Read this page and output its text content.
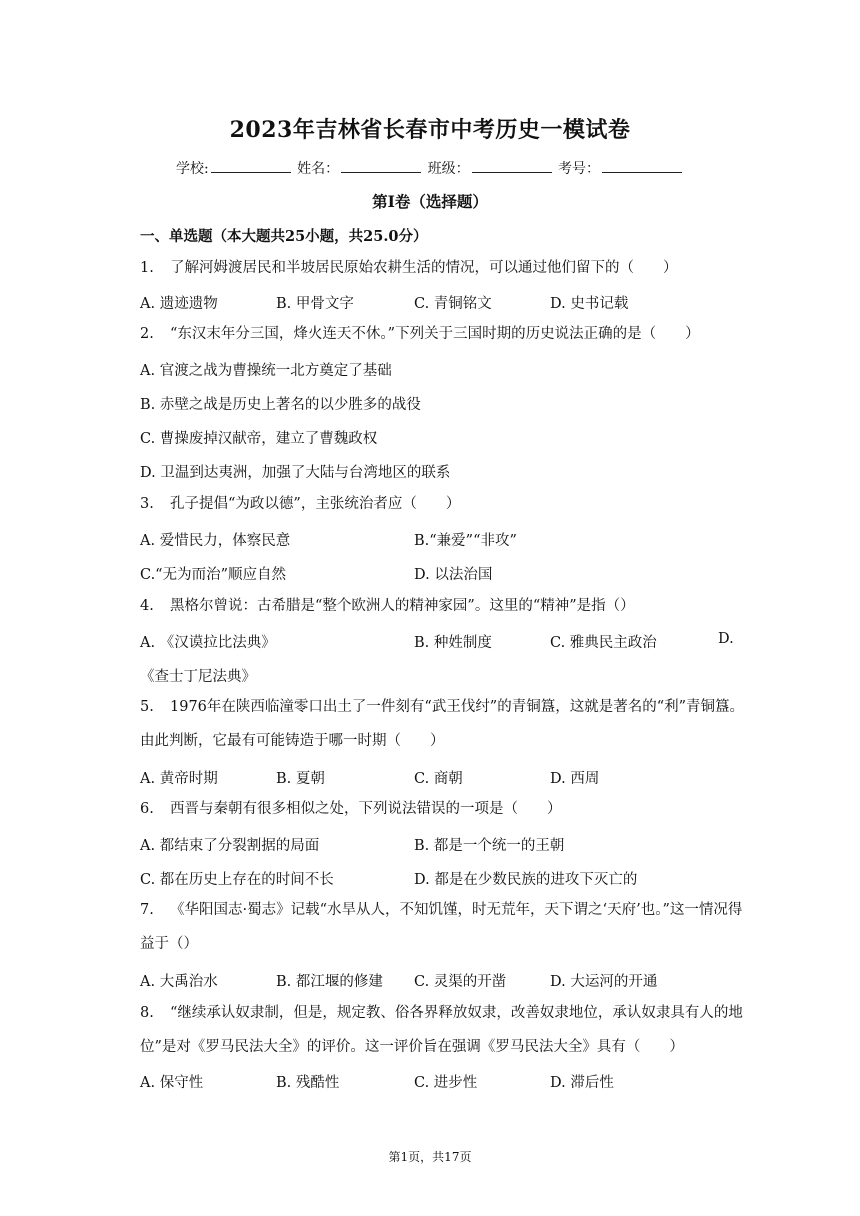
2023年吉林省长春市中考历史一模试卷
学校:	姓名：	班级：	考号：
第I卷（选择题）
一、单选题（本大题共25小题，共25.0分）
1. 了解河姆渡居民和半坡居民原始农耕生活的情况，可以通过他们留下的（　　）
A. 遗迹遗物	B. 甲骨文字	C. 青铜铭文	D. 史书记载
2. “东汉末年分三国，烽火连天不休。”下列关于三国时期的历史说法正确的是（　　）
A. 官渡之战为曹操统一北方奠定了基础
B. 赤壁之战是历史上著名的以少胜多的战役
C. 曹操废掉汉献帝，建立了曹魏政权
D. 卫温到达夷洲，加强了大陆与台湾地区的联系
3. 孔子提倡“为政以德”，主张统治者应（　　）
A. 爱惜民力，体察民意	B.“兼爱”“非攻”
C.“无为而治”顺应自然	D. 以法治国
4. 黑格尔曾说：古希腊是“整个欧洲人的精神家园”。这里的“精神”是指（）
A. 《汉谟拉比法典》	B. 种姓制度	C. 雅典民主政治	D.
《查士丁尼法典》
5. 1976年在陕西临潼零口出土了一件刻有“武王伐纣”的青铜簋，这就是著名的“利”青铜簋。由此判断，它最有可能铸造于哪一时期（　　）
A. 黄帝时期	B. 夏朝	C. 商朝	D. 西周
6. 西晋与秦朝有很多相似之处，下列说法错误的一项是（　　）
A. 都结束了分裂割据的局面	B. 都是一个统一的王朝
C. 都在历史上存在的时间不长	D. 都是在少数民族的进攻下灭亡的
7. 《华阳国志·蜀志》记载“水旱从人，不知饥馑，时无荒年，天下谓之‘天府’也。”这一情况得益于（）
A. 大禹治水	B. 都江堰的修建 C. 灵渠的开凿	D. 大运河的开通
8. “继续承认奴隶制，但是，规定教、俗各界释放奴隶，改善奴隶地位，承认奴隶具有人的地位”是对《罗马民法大全》的评价。这一评价旨在强调《罗马民法大全》具有（　　）
A. 保守性	B. 残酷性	C. 进步性	D. 滞后性
第1页，共17页
